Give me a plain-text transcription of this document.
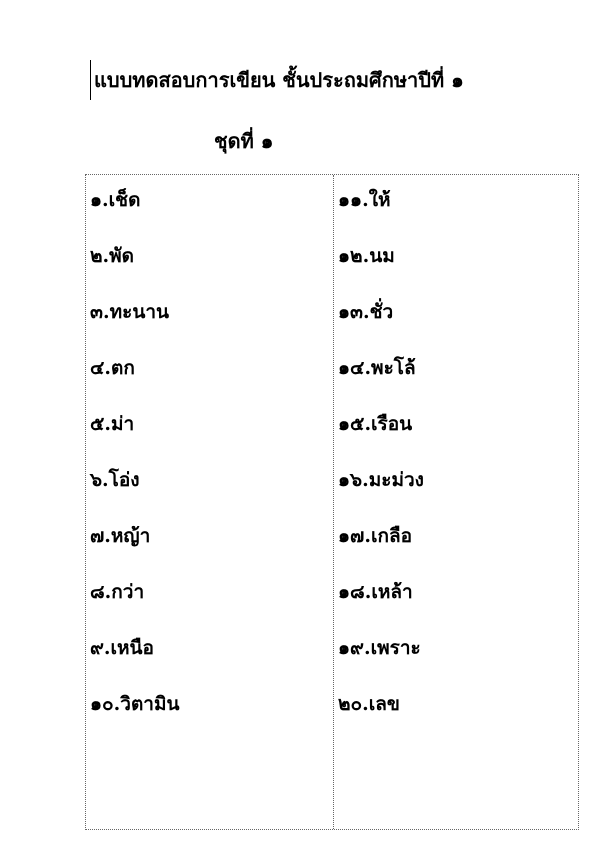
แบบทดสอบการเขียน ชั้นประถมศึกษาปีที่ ๑
ชุดที่ ๑
๑.เช็ด
๒.พัด
๓.ทะนาน
๔.ตก
๕.ม่า
๖.โอ่ง
๗.หญ้า
๘.กว่า
๙.เหนือ
๑๐.วิตามิน
๑๑.ให้
๑๒.นม
๑๓.ชั่ว
๑๔.พะโล้
๑๕.เรือน
๑๖.มะม่วง
๑๗.เกลือ
๑๘.เหล้า
๑๙.เพราะ
๒๐.เลข
